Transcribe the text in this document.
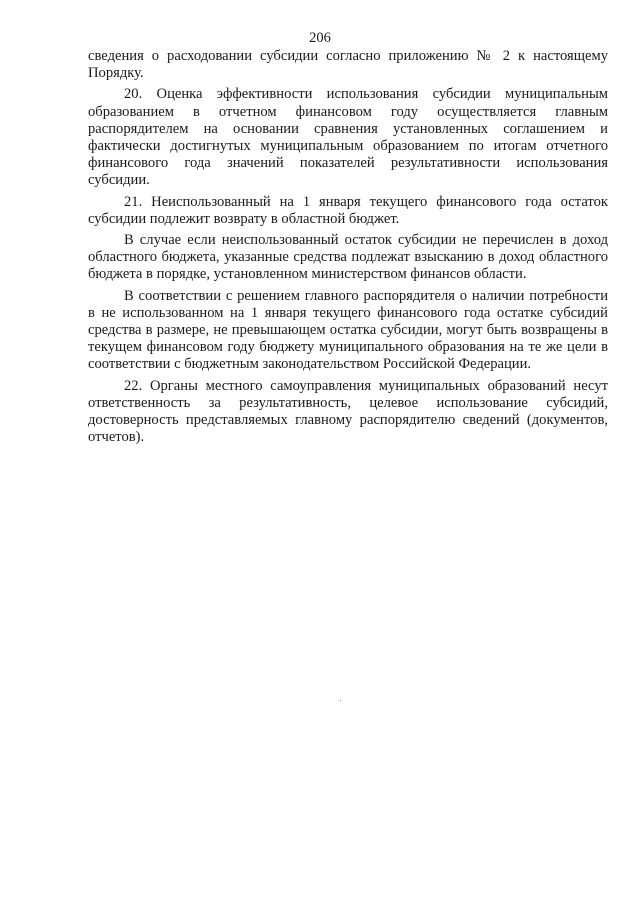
206

сведения о расходовании субсидии согласно приложению № 2 к настоящему Порядку.

20. Оценка эффективности использования субсидии муниципальным образованием в отчетном финансовом году осуществляется главным распорядителем на основании сравнения установленных соглашением и фактически достигнутых муниципальным образованием по итогам отчетного финансового года значений показателей результативности использования субсидии.

21. Неиспользованный на 1 января текущего финансового года остаток субсидии подлежит возврату в областной бюджет.

В случае если неиспользованный остаток субсидии не перечислен в доход областного бюджета, указанные средства подлежат взысканию в доход областного бюджета в порядке, установленном министерством финансов области.

В соответствии с решением главного распорядителя о наличии потребности в не использованном на 1 января текущего финансового года остатке субсидий средства в размере, не превышающем остатка субсидии, могут быть возвращены в текущем финансовом году бюджету муниципального образования на те же цели в соответствии с бюджетным законодательством Российской Федерации.

22. Органы местного самоуправления муниципальных образований несут ответственность за результативность, целевое использование субсидий, достоверность представляемых главному распорядителю сведений (документов, отчетов).
